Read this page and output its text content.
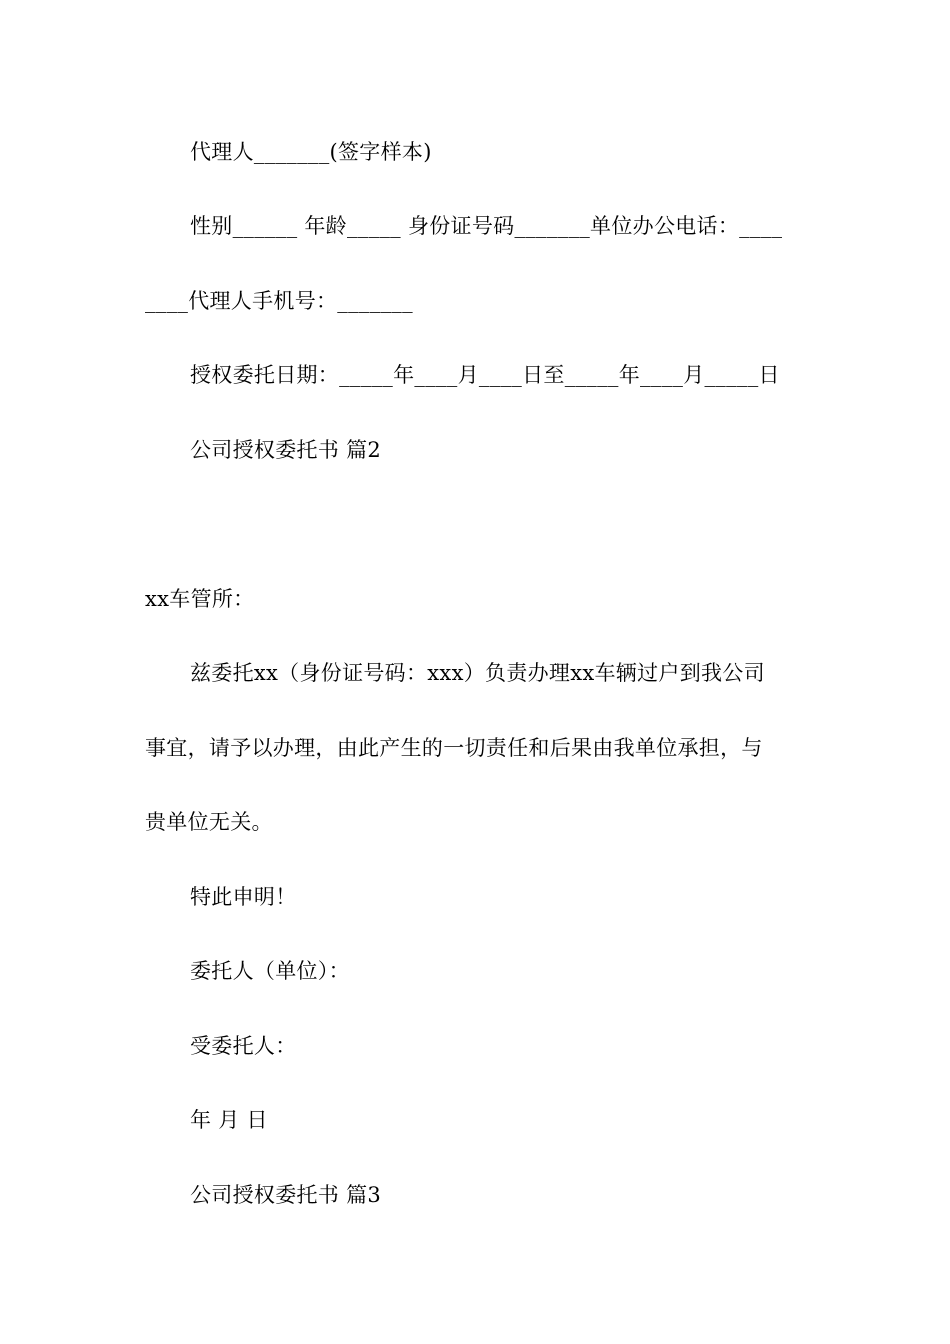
代理人_______(签字样本)
性别______ 年龄_____ 身份证号码_______单位办公电话：____
____代理人手机号：_______
授权委托日期：_____年____月____日至_____年____月_____日
公司授权委托书 篇2
xx车管所：
兹委托xx（身份证号码：xxx）负责办理xx车辆过户到我公司
事宜，请予以办理，由此产生的一切责任和后果由我单位承担，与
贵单位无关。
特此申明！
委托人（单位）：
受委托人：
年 月 日
公司授权委托书 篇3
